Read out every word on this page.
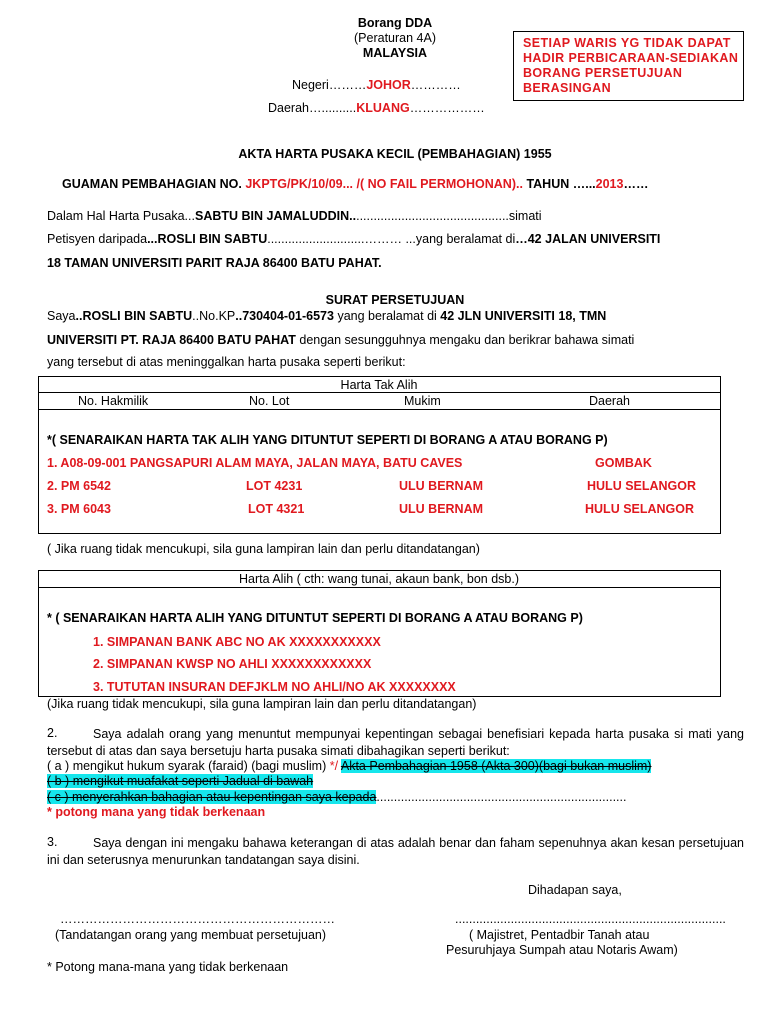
Borang DDA
(Peraturan 4A)
MALAYSIA
Negeri………JOHOR…………
Daerah…..........KLUANG………………
SETIAP WARIS YG TIDAK DAPAT HADIR PERBICARAAN-SEDIAKAN BORANG PERSETUJUAN BERASINGAN
AKTA HARTA PUSAKA KECIL (PEMBAHAGIAN) 1955
GUAMAN PEMBAHAGIAN NO. JKPTG/PK/10/09... /( NO FAIL PERMOHONAN).. TAHUN …...2013……
Dalam Hal Harta Pusaka...SABTU BIN JAMALUDDIN..............................................simati
Petisyen daripada...ROSLI BIN SABTU............................……… ...yang beralamat di…42 JALAN UNIVERSITI
18 TAMAN UNIVERSITI PARIT RAJA 86400 BATU PAHAT.
SURAT PERSETUJUAN
Saya..ROSLI BIN SABTU..No.KP..730404-01-6573 yang beralamat di 42 JLN UNIVERSITI 18, TMN
UNIVERSITI PT. RAJA 86400 BATU PAHAT dengan sesungguhnya mengaku dan berikrar bahawa simati
yang tersebut di atas meninggalkan harta pusaka seperti berikut:
Harta Tak Alih
No. Hakmilik	No. Lot	Mukim	Daerah
*( SENARAIKAN HARTA TAK ALIH YANG DITUNTUT SEPERTI DI BORANG A ATAU BORANG P)
1. A08-09-001 PANGSAPURI ALAM MAYA, JALAN MAYA, BATU CAVES	GOMBAK
2. PM 6542	LOT 4231	ULU BERNAM	HULU SELANGOR
3. PM 6043	LOT 4321	ULU BERNAM	HULU SELANGOR
( Jika ruang tidak mencukupi, sila guna lampiran lain dan perlu ditandatangan)
Harta Alih ( cth: wang tunai, akaun bank, bon dsb.)
* ( SENARAIKAN HARTA ALIH YANG DITUNTUT SEPERTI DI BORANG A ATAU BORANG P)
1. SIMPANAN BANK ABC NO AK XXXXXXXXXXX
2. SIMPANAN KWSP NO AHLI XXXXXXXXXXXX
3. TUTUTAN INSURAN DEFJKLM NO AHLI/NO AK XXXXXXXX
(Jika ruang tidak mencukupi, sila guna lampiran lain dan perlu ditandatangan)
2.	Saya adalah orang yang menuntut mempunyai kepentingan sebagai benefisiari kepada harta pusaka si mati yang tersebut di atas dan saya bersetuju harta pusaka simati dibahagikan seperti berikut:
( a ) mengikut hukum syarak (faraid) (bagi muslim) */ Akta Pembahagian 1958 (Akta 300)(bagi bukan muslim)
( b ) mengikut muafakat seperti Jadual di bawah
( c ) menyerahkan bahagian atau kepentingan saya kepada........................................................................
* potong mana yang tidak berkenaan
3.	Saya dengan ini mengaku bahawa keterangan di atas adalah benar dan faham sepenuhnya akan kesan persetujuan ini dan seterusnya menurunkan tandatangan saya disini.
Dihadapan saya,
…………………………………………………………
(Tandatangan orang yang membuat persetujuan)
..............................................................................
( Majistret, Pentadbir Tanah atau
Pesuruhjaya Sumpah atau Notaris Awam)
* Potong mana-mana yang tidak berkenaan
